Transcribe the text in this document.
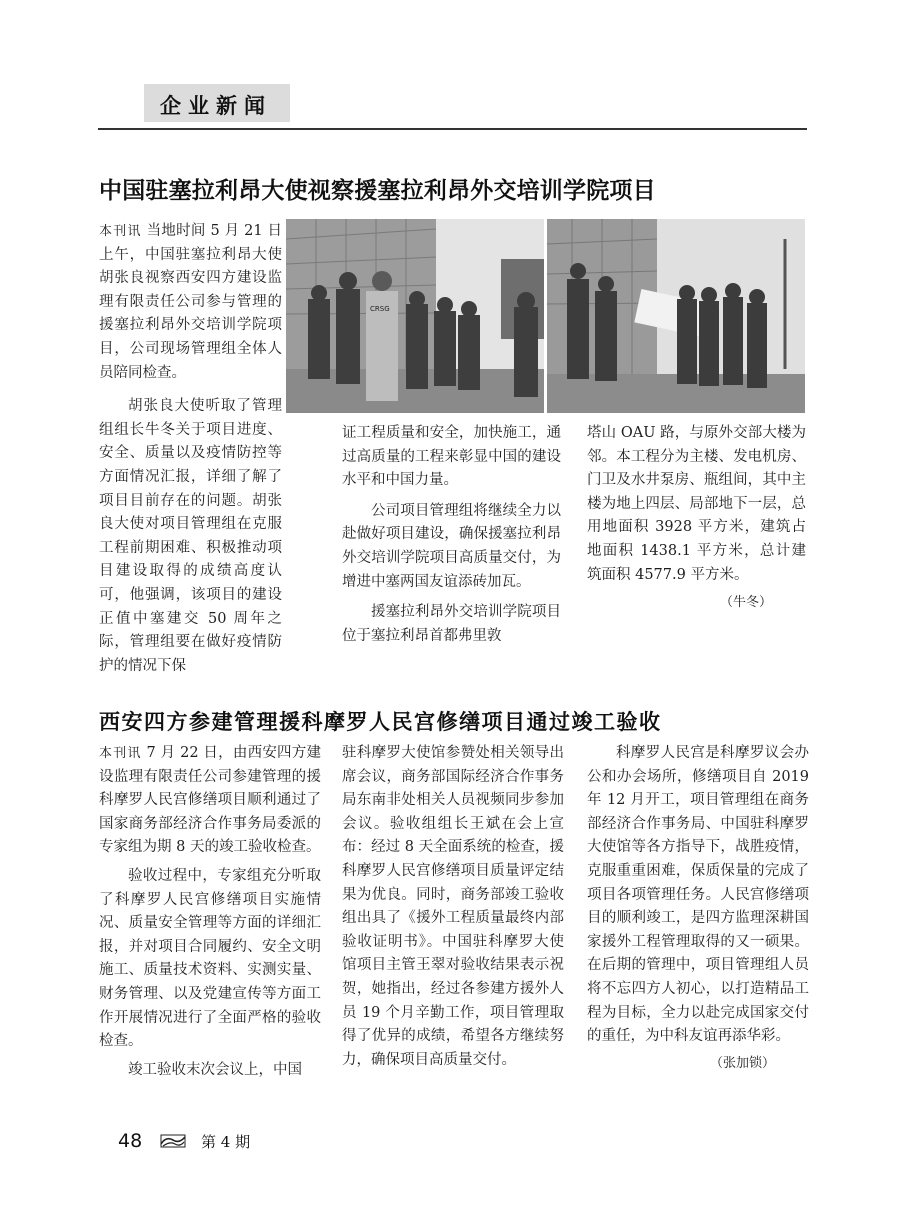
企业新闻
中国驻塞拉利昂大使视察援塞拉利昂外交培训学院项目
CRSG

本刊讯 当地时间 5 月 21 日上午，中国驻塞拉利昂大使胡张良视察西安四方建设监理有限责任公司参与管理的援塞拉利昂外交培训学院项目，公司现场管理组全体人员陪同检查。

胡张良大使听取了管理组组长牛冬关于项目进度、安全、质量以及疫情防控等方面情况汇报，详细了解了项目目前存在的问题。胡张良大使对项目管理组在克服工程前期困难、积极推动项目建设取得的成绩高度认可，他强调，该项目的建设正值中塞建交 50 周年之际，管理组要在做好疫情防护的情况下保

证工程质量和安全，加快施工，通过高质量的工程来彰显中国的建设水平和中国力量。

公司项目管理组将继续全力以赴做好项目建设，确保援塞拉利昂外交培训学院项目高质量交付，为增进中塞两国友谊添砖加瓦。

援塞拉利昂外交培训学院项目位于塞拉利昂首都弗里敦

塔山 OAU 路，与原外交部大楼为邻。本工程分为主楼、发电机房、门卫及水井泵房、瓶组间，其中主楼为地上四层、局部地下一层，总用地面积 3928 平方米，建筑占地面积 1438.1 平方米，总计建筑面积 4577.9 平方米。

（牛冬）
西安四方参建管理援科摩罗人民宫修缮项目通过竣工验收

本刊讯 7 月 22 日，由西安四方建设监理有限责任公司参建管理的援科摩罗人民宫修缮项目顺利通过了国家商务部经济合作事务局委派的专家组为期 8 天的竣工验收检查。

验收过程中，专家组充分听取了科摩罗人民宫修缮项目实施情况、质量安全管理等方面的详细汇报，并对项目合同履约、安全文明施工、质量技术资料、实测实量、财务管理、以及党建宣传等方面工作开展情况进行了全面严格的验收检查。

竣工验收末次会议上，中国

驻科摩罗大使馆参赞处相关领导出席会议，商务部国际经济合作事务局东南非处相关人员视频同步参加会议。验收组组长王斌在会上宣布：经过 8 天全面系统的检查，援科摩罗人民宫修缮项目质量评定结果为优良。同时，商务部竣工验收组出具了《援外工程质量最终内部验收证明书》。中国驻科摩罗大使馆项目主管王翠对验收结果表示祝贺，她指出，经过各参建方援外人员 19 个月辛勤工作，项目管理取得了优异的成绩，希望各方继续努力，确保项目高质量交付。

科摩罗人民宫是科摩罗议会办公和办会场所，修缮项目自 2019 年 12 月开工，项目管理组在商务部经济合作事务局、中国驻科摩罗大使馆等各方指导下，战胜疫情，克服重重困难，保质保量的完成了项目各项管理任务。人民宫修缮项目的顺利竣工，是四方监理深耕国家援外工程管理取得的又一硕果。在后期的管理中，项目管理组人员将不忘四方人初心，以打造精品工程为目标，全力以赴完成国家交付的重任，为中科友谊再添华彩。

（张加锁）
48	第 4 期
